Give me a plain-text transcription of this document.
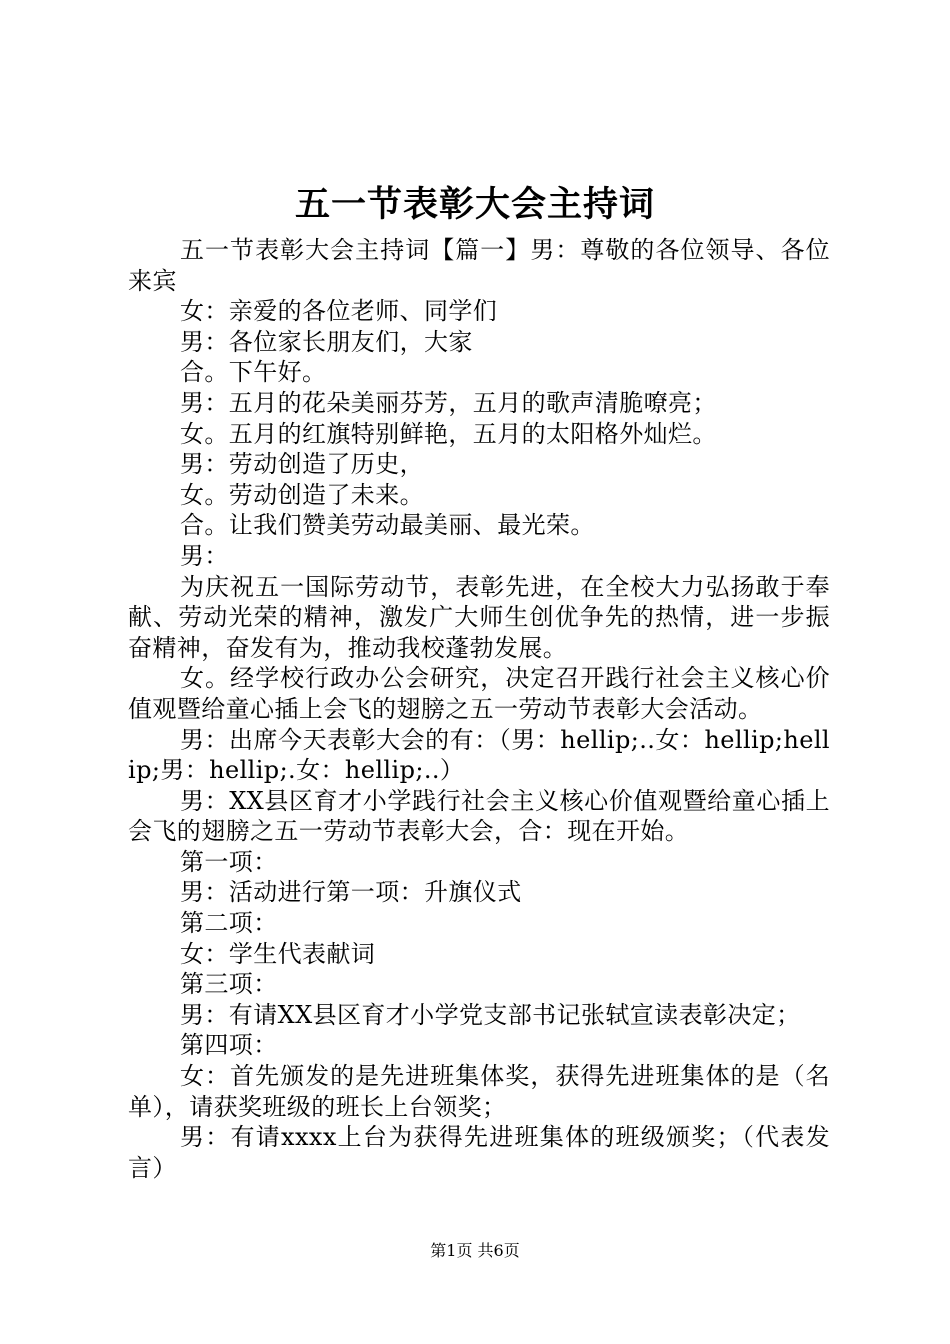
五一节表彰大会主持词

五一节表彰大会主持词【篇一】男：尊敬的各位领导、各位来宾

女：亲爱的各位老师、同学们

男：各位家长朋友们，大家

合。下午好。

男：五月的花朵美丽芬芳，五月的歌声清脆嘹亮；

女。五月的红旗特别鲜艳，五月的太阳格外灿烂。

男：劳动创造了历史，

女。劳动创造了未来。

合。让我们赞美劳动最美丽、最光荣。

男：

为庆祝五一国际劳动节，表彰先进，在全校大力弘扬敢于奉献、劳动光荣的精神，激发广大师生创优争先的热情，进一步振奋精神，奋发有为，推动我校蓬勃发展。

女。经学校行政办公会研究，决定召开践行社会主义核心价值观暨给童心插上会飞的翅膀之五一劳动节表彰大会活动。

男：出席今天表彰大会的有：（男：hellip;..女：hellip;hellip;男：hellip;.女：hellip;..）

男：XX县区育才小学践行社会主义核心价值观暨给童心插上会飞的翅膀之五一劳动节表彰大会，合：现在开始。

第一项：

男：活动进行第一项：升旗仪式

第二项：

女：学生代表献词

第三项：

男：有请XX县区育才小学党支部书记张轼宣读表彰决定；

第四项：

女：首先颁发的是先进班集体奖，获得先进班集体的是（名单），请获奖班级的班长上台领奖；

男：有请xxxx上台为获得先进班集体的班级颁奖；（代表发言）

第1页 共6页
